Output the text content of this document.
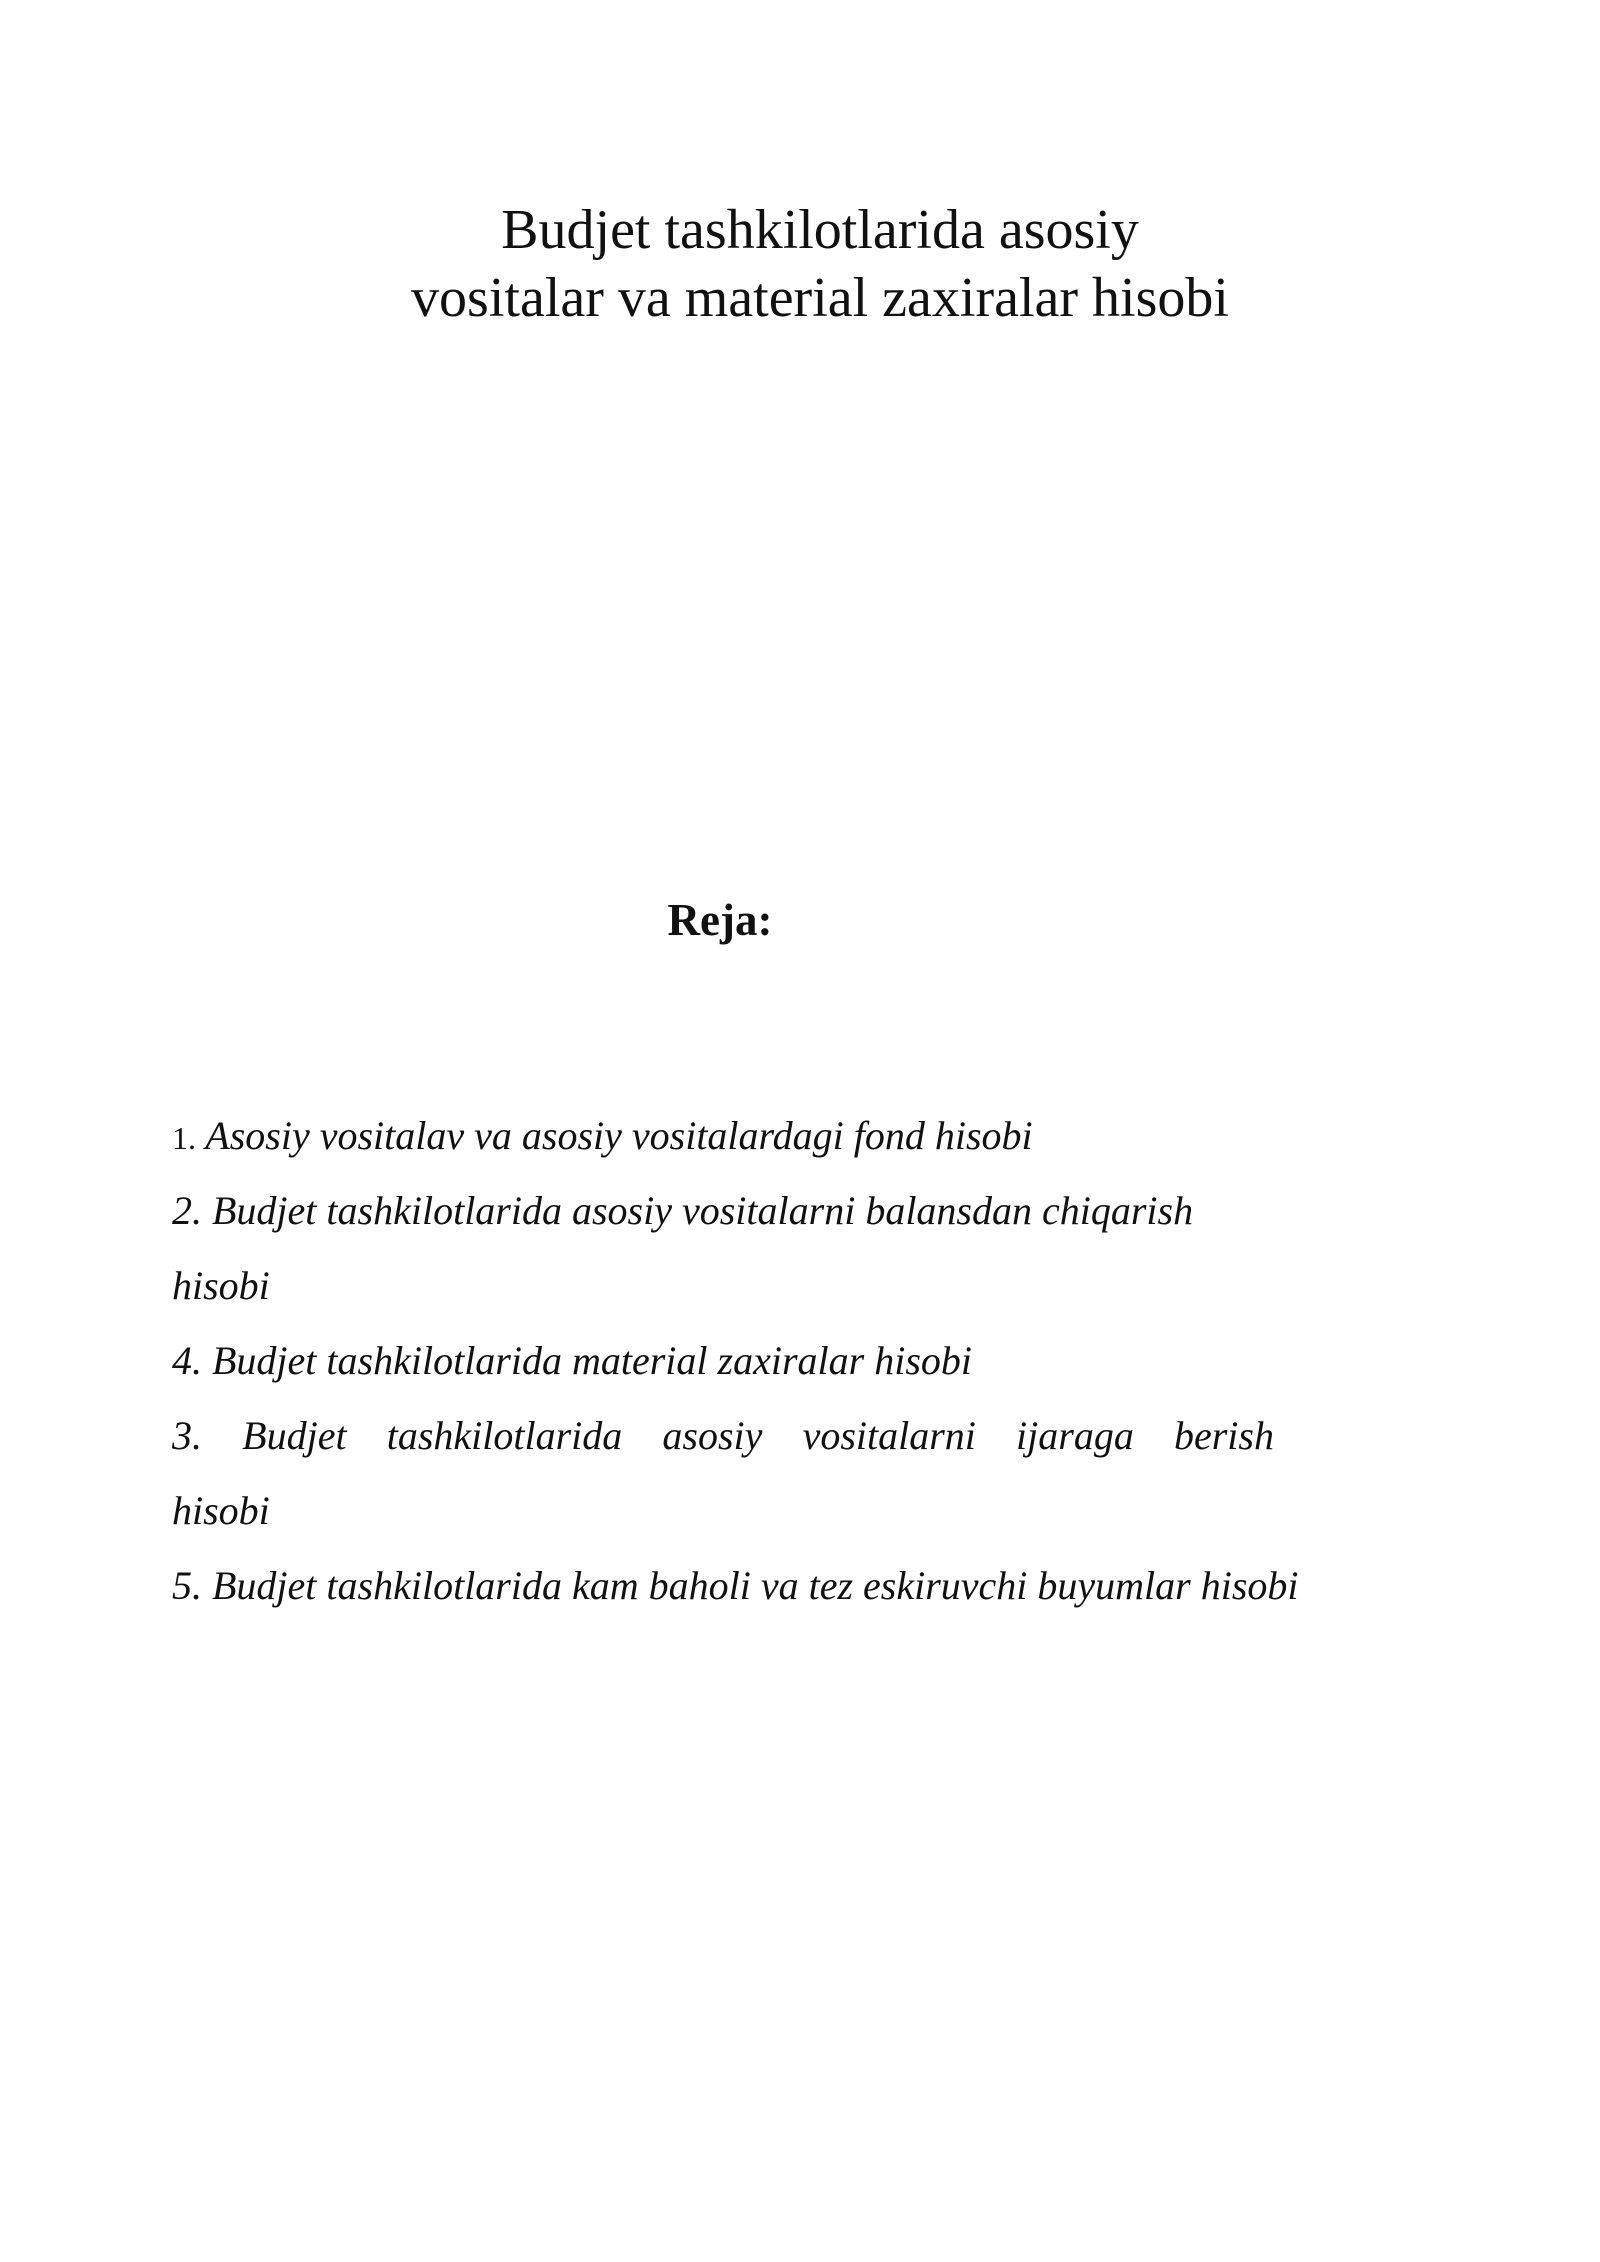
Budjet tashkilotlarida asosiy
vositalar va material zaxiralar hisobi
Reja:
1. Asosiy vositalav va asosiy vositalardagi fond hisobi
2. Budjet tashkilotlarida asosiy vositalarni balansdan chiqarish
hisobi
4. Budjet tashkilotlarida material zaxiralar hisobi
3. Budjet tashkilotlarida asosiy vositalarni ijaraga berish
hisobi
5. Budjet tashkilotlarida kam baholi va tez eskiruvchi buyumlar hisobi
